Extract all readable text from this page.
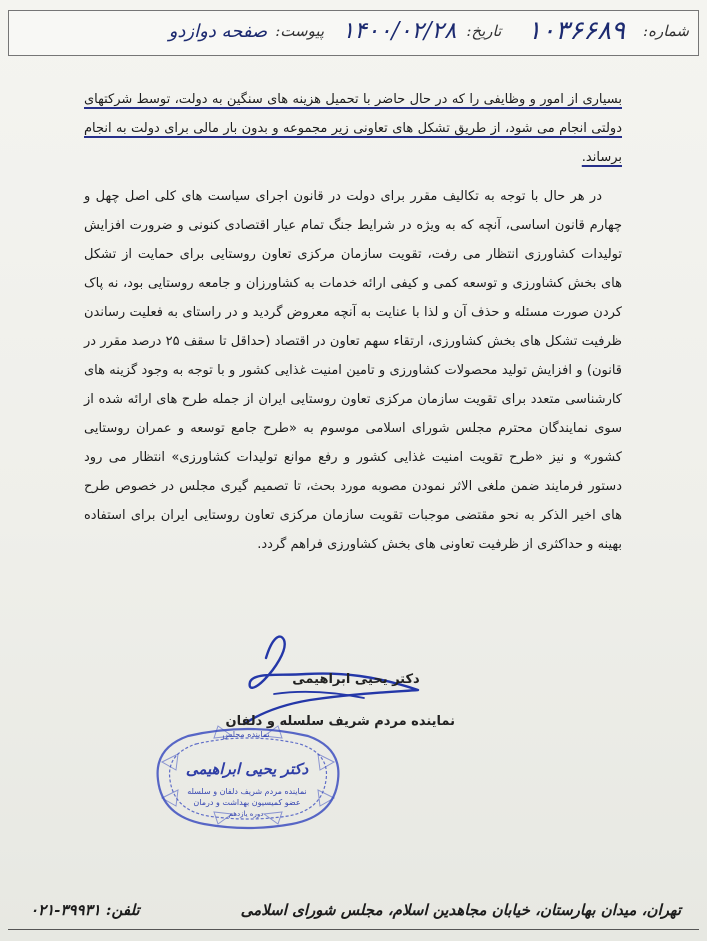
شماره:
۱۰۳۶۶۸۹
تاریخ:
۱۴۰۰/۰۲/۲۸
پیوست:
صفحه دوازدو

بسیاری از امور و وظایفی را که در حال حاضر با تحمیل هزینه های سنگین به دولت، توسط شرکتهای دولتی انجام می شود، از طریق تشکل های تعاونی زیر مجموعه و بدون بار مالی برای دولت به انجام برساند.

در هر حال با توجه به تکالیف مقرر برای دولت در قانون اجرای سیاست های کلی اصل چهل و چهارم قانون اساسی، آنچه که به ویژه در شرایط جنگ تمام عیار اقتصادی کنونی و ضرورت افزایش تولیدات کشاورزی انتظار می رفت، تقویت سازمان مرکزی تعاون روستایی برای حمایت از تشکل های بخش کشاورزی و توسعه کمی و کیفی ارائه خدمات به کشاورزان و جامعه روستایی بود، نه پاک کردن صورت مسئله و حذف آن و لذا با عنایت به آنچه معروض گردید و در راستای به فعلیت رساندن ظرفیت تشکل های بخش کشاورزی، ارتقاء سهم تعاون در اقتصاد (حداقل تا سقف ۲۵ درصد مقرر در قانون) و افزایش تولید محصولات کشاورزی و تامین امنیت غذایی کشور و با توجه به وجود گزینه های کارشناسی متعدد برای تقویت سازمان مرکزی تعاون روستایی ایران از جمله طرح های ارائه شده از سوی نمایندگان محترم مجلس شورای اسلامی موسوم به «طرح جامع توسعه و عمران روستایی کشور» و نیز «طرح تقویت امنیت غذایی کشور و رفع موانع تولیدات کشاورزی» انتظار می رود دستور فرمایند ضمن ملغی الاثر نمودن مصوبه مورد بحث، تا تصمیم گیری مجلس در خصوص طرح های اخیر الذکر به نحو مقتضی موجبات تقویت سازمان مرکزی تعاون روستایی ایران برای استفاده بهینه و حداکثری از ظرفیت تعاونی های بخش کشاورزی فراهم گردد.

دکتر یحیی ابراهیمی
نماینده مردم شریف سلسله و دلفان
نماینده مجلس
دکتر یحیی ابراهیمی
نماینده مردم شریف دلفان و سلسله
عضو کمیسیون بهداشت و درمان
دوره یازدهم
تهران، میدان بهارستان، خیابان مجاهدین اسلام، مجلس شورای اسلامی
تلفن: ۳۹۹۳۱-۰۲۱
